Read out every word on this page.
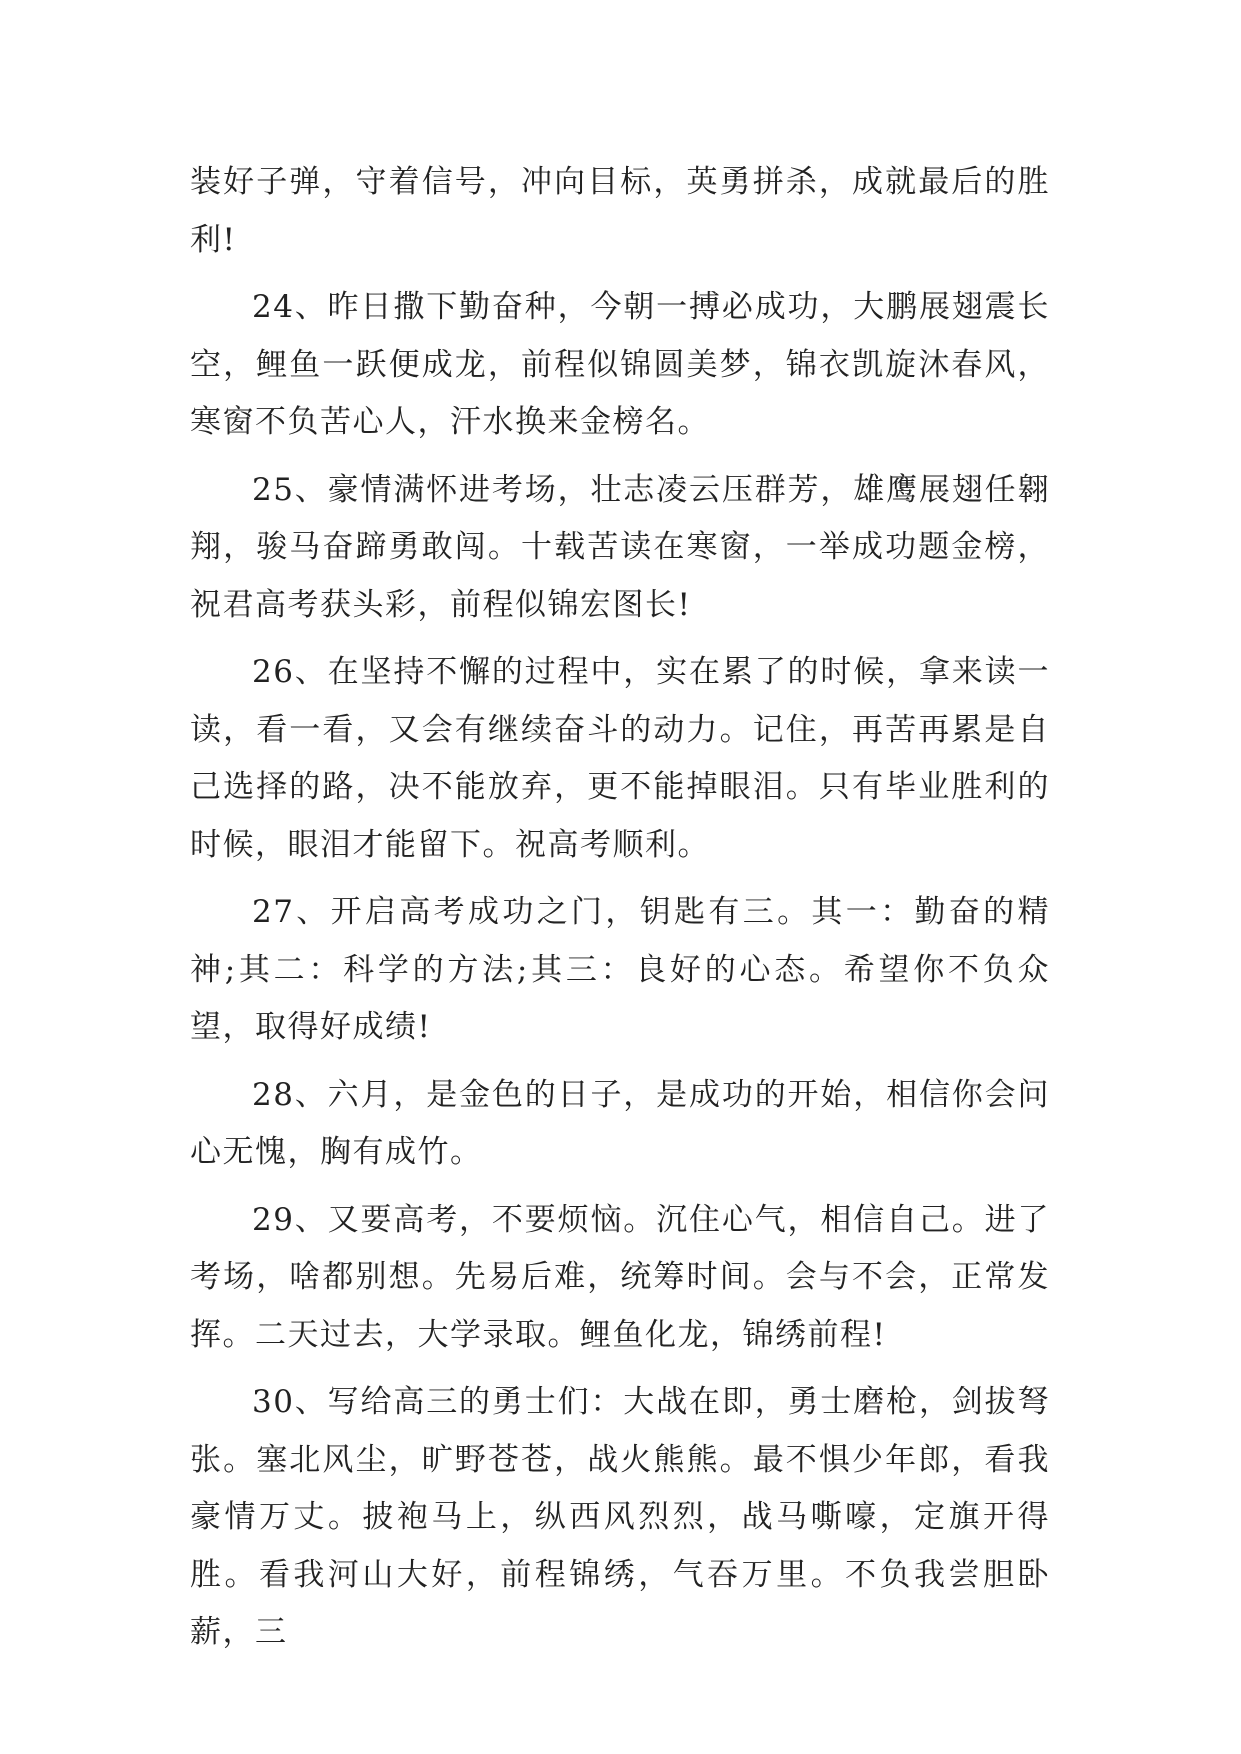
装好子弹，守着信号，冲向目标，英勇拼杀，成就最后的胜利!

24、昨日撒下勤奋种，今朝一搏必成功，大鹏展翅震长空，鲤鱼一跃便成龙，前程似锦圆美梦，锦衣凯旋沐春风，寒窗不负苦心人，汗水换来金榜名。

25、豪情满怀进考场，壮志凌云压群芳，雄鹰展翅任翱翔，骏马奋蹄勇敢闯。十载苦读在寒窗，一举成功题金榜，祝君高考获头彩，前程似锦宏图长!

26、在坚持不懈的过程中，实在累了的时候，拿来读一读，看一看，又会有继续奋斗的动力。记住，再苦再累是自己选择的路，决不能放弃，更不能掉眼泪。只有毕业胜利的时候，眼泪才能留下。祝高考顺利。

27、开启高考成功之门，钥匙有三。其一：勤奋的精神;其二：科学的方法;其三：良好的心态。希望你不负众望，取得好成绩!

28、六月，是金色的日子，是成功的开始，相信你会问心无愧，胸有成竹。

29、又要高考，不要烦恼。沉住心气，相信自己。进了考场，啥都别想。先易后难，统筹时间。会与不会，正常发挥。二天过去，大学录取。鲤鱼化龙，锦绣前程!

30、写给高三的勇士们：大战在即，勇士磨枪，剑拔弩张。塞北风尘，旷野苍苍，战火熊熊。最不惧少年郎，看我豪情万丈。披袍马上，纵西风烈烈，战马嘶嚎，定旗开得胜。看我河山大好，前程锦绣，气吞万里。不负我尝胆卧薪，三
